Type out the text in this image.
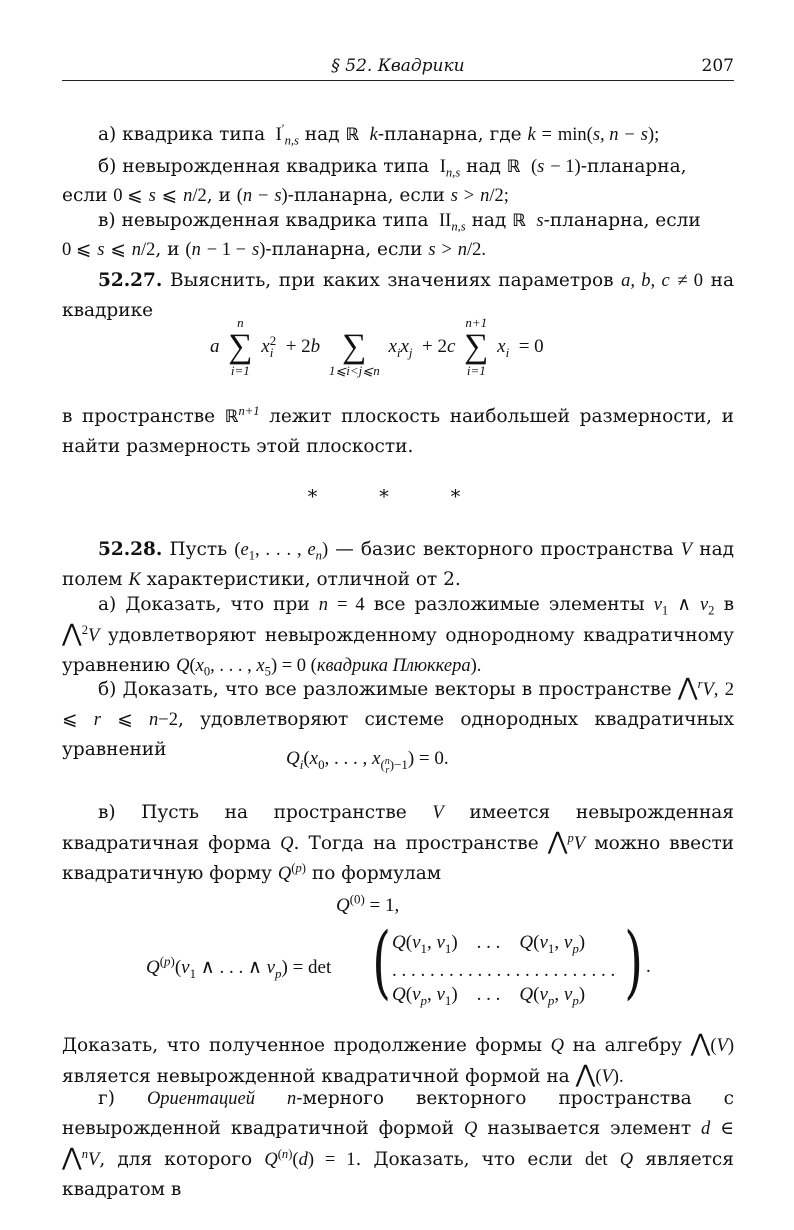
§ 52. Квадрики	207
а) квадрика типа  $I'_{n,s}$ над ℝ  k-планарна, где k = min(s, n − s);
б) невырожденная квадрика типа  $I_{n,s}$ над ℝ  (s − 1)-планарна,
если 0 ⩽ s ⩽ n/2, и (n − s)-планарна, если s > n/2;
в) невырожденная квадрика типа  $II_{n,s}$ над ℝ  s-планарна, если
0 ⩽ s ⩽ n/2, и (n − 1 − s)-планарна, если s > n/2.
52.27. Выяснить, при каких значениях параметров a, b, c ≠ 0 на квадрике
a
n
∑
i=1
x 2
i + 2b
∑
1⩽i<j⩽n
$x_ix_j + 2c$
n+1
∑
i=1
$x_i = 0$
в пространстве ℝ$^{n+1}$ лежит плоскость наибольшей размерности, и найти размерность этой плоскости.
* * *
52.28. Пусть ($e_1$, . . . , $e_n$) — базис векторного пространства V над полем K характеристики, отличной от 2.
а) Доказать, что при n = 4 все разложимые элементы $v_1$ ∧ $v_2$ в ⋀$^2$V удовлетворяют невырожденному однородному квадратичному уравнению $Q(x_0$, . . . , $x_5) = 0$ (квадрика Плюккера).
б) Доказать, что все разложимые векторы в пространстве ⋀$^r$V, 2 ⩽ r ⩽ n−2, удовлетворяют системе однородных квадратичных уравнений	$Q_i(x_0$, . . . , $x_{( n r )-1}) = 0$.
в) Пусть на пространстве V имеется невырожденная квадратичная форма Q. Тогда на пространстве ⋀$^p$V можно ввести квадратичную форму $Q^{(p)}$ по формулам
$Q^{(0)} = 1$,
$Q^{(p)}(v_1$ ∧ . . . ∧ $v_p) = \det$ ( $Q(v_1$, $v_1$)    . . .    $Q(v_1$, $v_p$)
. . . . . . . . . . . . . . . . . . . . . . . .
$Q(v_p$, $v_1$)    . . .    $Q(v_p$, $v_p$) ) .
Доказать, что полученное продолжение формы Q на алгебру ⋀(V) является невырожденной квадратичной формой на ⋀(V).
г) Ориентацией n-мерного векторного пространства с невырожденной квадратичной формой Q называется элемент d ∈ ⋀$^n$V, для которого $Q^{(n)}(d) = 1$. Доказать, что если det Q является квадратом в
